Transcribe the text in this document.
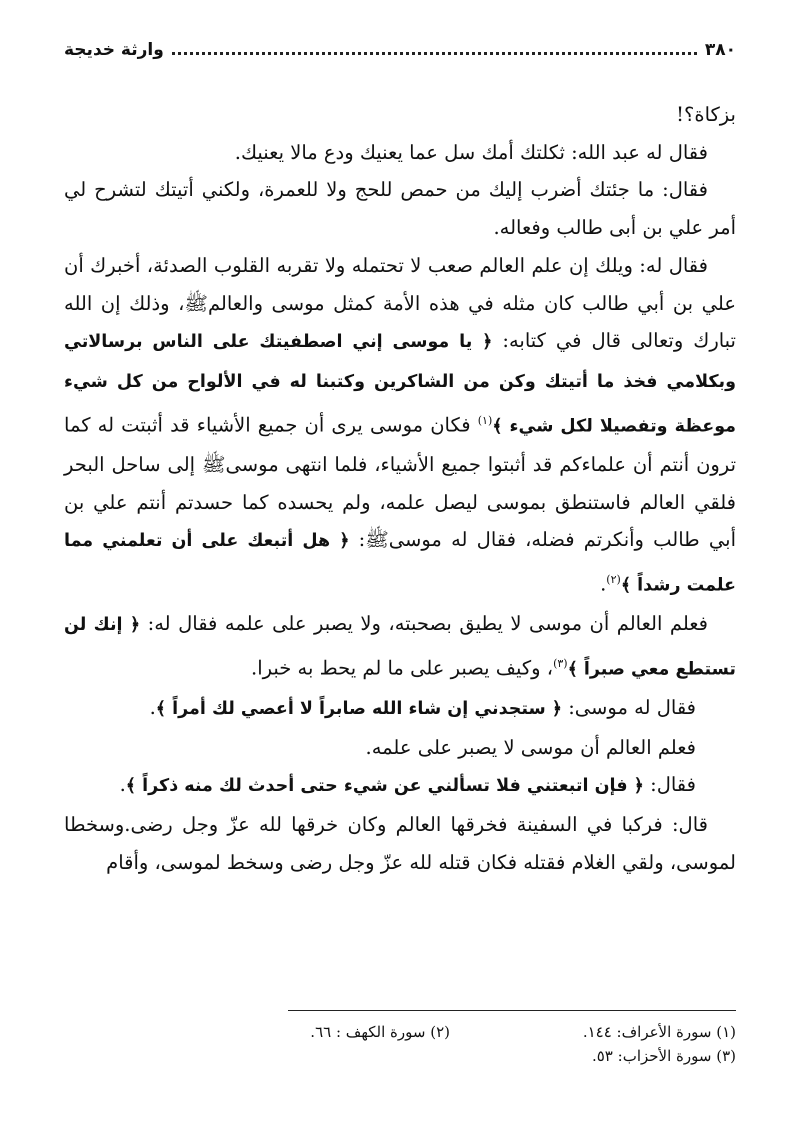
٣٨٠
وارثة خديجة

بزكاة؟!

فقال له عبد الله: ثكلتك أمك سل عما يعنيك ودع مالا يعنيك.

فقال: ما جئتك أضرب إليك من حمص للحج ولا للعمرة، ولكني أتيتك لتشرح لي أمر علي بن أبى طالب وفعاله.

فقال له: ويلك إن علم العالم صعب لا تحتمله ولا تقربه القلوب الصدئة، أخبرك أن علي بن أبي طالب كان مثله في هذه الأمة كمثل موسى والعالمﷺ، وذلك إن الله تبارك وتعالى قال في كتابه: ﴿ يا موسى إني اصطفيتك على الناس برسالاتي وبكلامي فخذ ما أتيتك وكن من الشاكرين وكتبنا له في الألواح من كل شيء موعظة وتفصيلا لكل شيء ﴾$^{(١)}$ فكان موسى يرى أن جميع الأشياء قد أثبتت له كما ترون أنتم أن علماءكم قد أثبتوا جميع الأشياء، فلما انتهى موسىﷺ إلى ساحل البحر فلقي العالم فاستنطق بموسى ليصل علمه، ولم يحسده كما حسدتم أنتم علي بن أبي طالب وأنكرتم فضله، فقال له موسىﷺ: ﴿ هل أتبعك على أن تعلمني مما علمت رشداً ﴾$^{(٢)}$.

فعلم العالم أن موسى لا يطيق بصحبته، ولا يصبر على علمه فقال له: ﴿ إنك لن تستطع معي صبراً ﴾$^{(٣)}$، وكيف يصبر على ما لم يحط به خبرا.

فقال له موسى: ﴿ ستجدني إن شاء الله صابراً لا أعصي لك أمراً ﴾.

فعلم العالم أن موسى لا يصبر على علمه.

فقال: ﴿ فإن اتبعتني فلا تسألني عن شيء حتى أحدث لك منه ذكراً ﴾.

قال: فركبا في السفينة فخرقها العالم وكان خرقها لله عزّ وجل رضى.وسخطا لموسى، ولقي الغلام فقتله فكان قتله لله عزّ وجل رضى وسخط لموسى، وأقام

(١) سورة الأعراف: ١٤٤.
(٢) سورة الكهف : ٦٦.
(٣) سورة الأحزاب: ٥٣.
